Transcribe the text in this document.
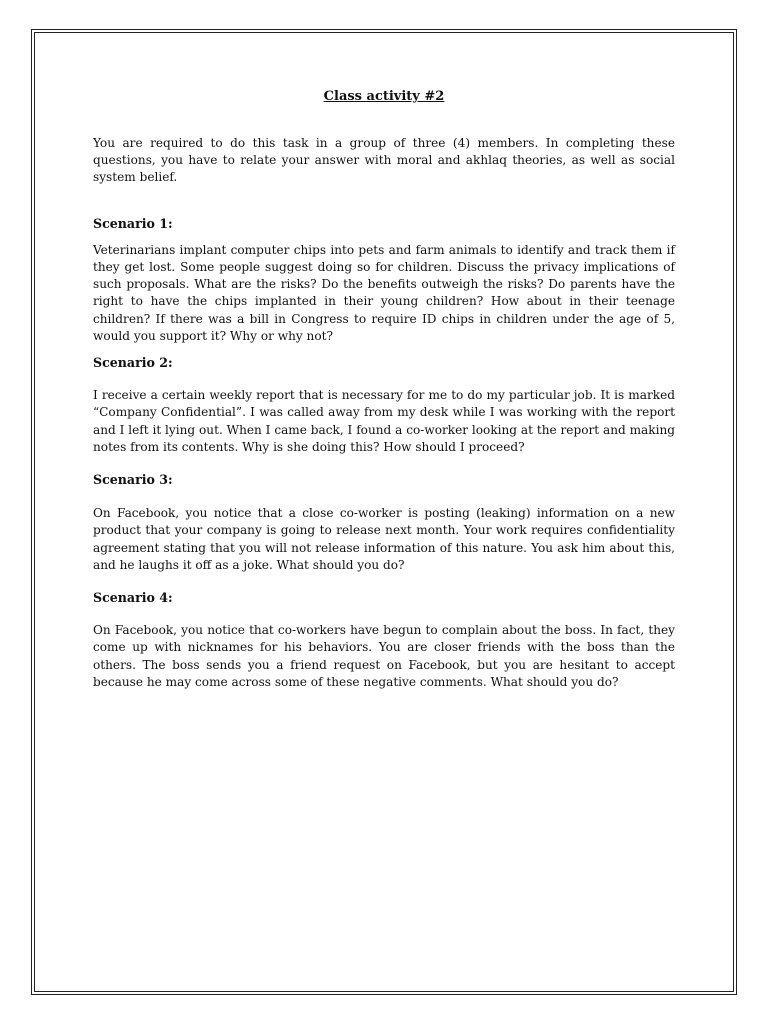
Class activity #2

You are required to do this task in a group of three (4) members. In completing these questions, you have to relate your answer with moral and akhlaq theories, as well as social system belief.

Scenario 1:

Veterinarians implant computer chips into pets and farm animals to identify and track them if they get lost. Some people suggest doing so for children. Discuss the privacy implications of such proposals. What are the risks? Do the benefits outweigh the risks? Do parents have the right to have the chips implanted in their young children? How about in their teenage children? If there was a bill in Congress to require ID chips in children under the age of 5, would you support it? Why or why not?

Scenario 2:

I receive a certain weekly report that is necessary for me to do my particular job. It is marked “Company Confidential”. I was called away from my desk while I was working with the report and I left it lying out. When I came back, I found a co-worker looking at the report and making notes from its contents. Why is she doing this? How should I proceed?

Scenario 3:

On Facebook, you notice that a close co-worker is posting (leaking) information on a new product that your company is going to release next month. Your work requires confidentiality agreement stating that you will not release information of this nature. You ask him about this, and he laughs it off as a joke. What should you do?

Scenario 4:

On Facebook, you notice that co-workers have begun to complain about the boss. In fact, they come up with nicknames for his behaviors. You are closer friends with the boss than the others. The boss sends you a friend request on Facebook, but you are hesitant to accept because he may come across some of these negative comments. What should you do?
